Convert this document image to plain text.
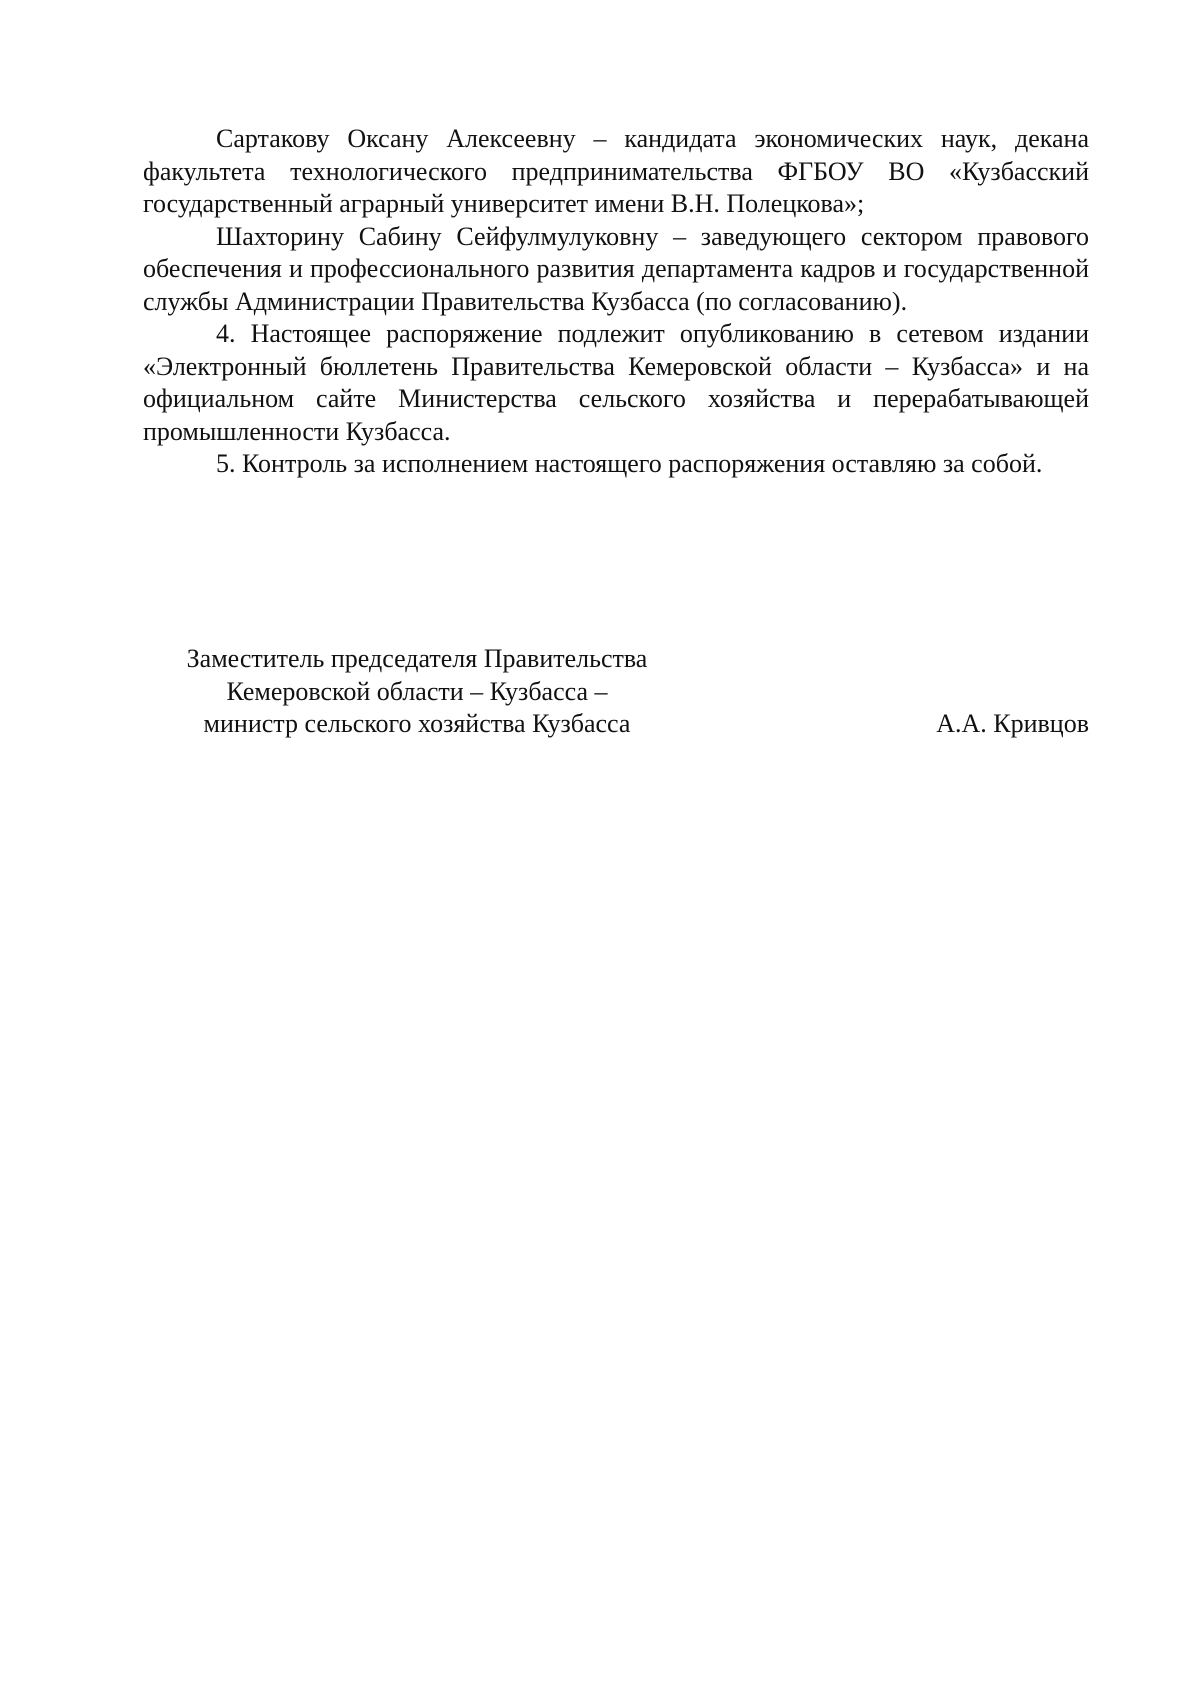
Сартакову Оксану Алексеевну – кандидата экономических наук, декана факультета технологического предпринимательства ФГБОУ ВО «Кузбасский государственный аграрный университет имени В.Н. Полецкова»;

Шахторину Сабину Сейфулмулуковну – заведующего сектором правового обеспечения и профессионального развития департамента кадров и государственной службы Администрации Правительства Кузбасса (по согласованию).

4. Настоящее распоряжение подлежит опубликованию в сетевом издании «Электронный бюллетень Правительства Кемеровской области – Кузбасса» и на официальном сайте Министерства сельского хозяйства и перерабатывающей промышленности Кузбасса.

5. Контроль за исполнением настоящего распоряжения оставляю за собой.

Заместитель председателя Правительства
Кемеровской области – Кузбасса –
министр сельского хозяйства Кузбасса	А.А. Кривцов
